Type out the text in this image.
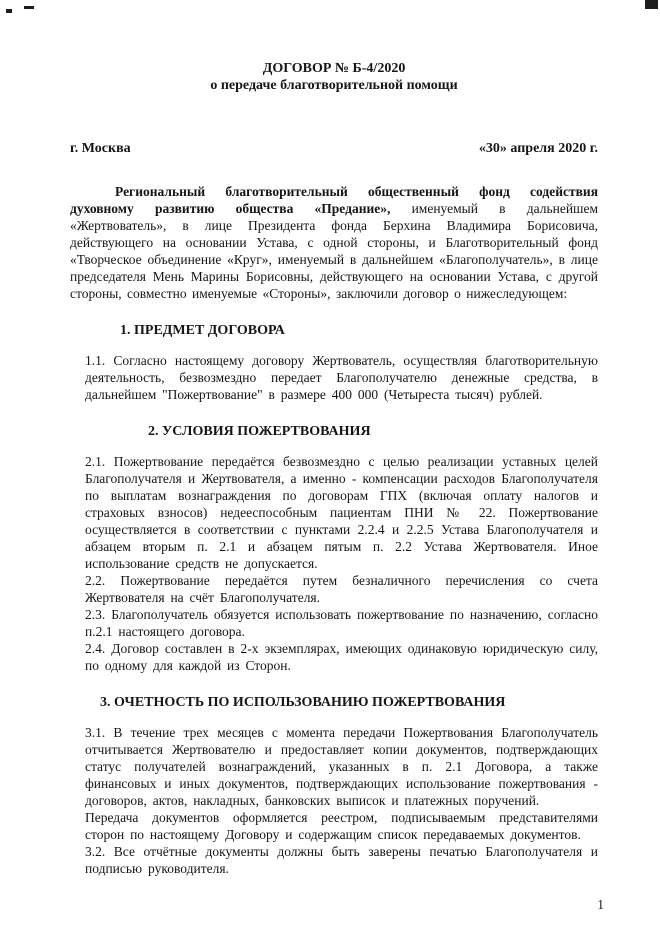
ДОГОВОР № Б-4/2020
о передаче благотворительной помощи
г. Москва	«30» апреля 2020 г.

Региональный благотворительный общественный фонд содействия духовному развитию общества «Предание», именуемый в дальнейшем «Жертвователь», в лице Президента фонда Берхина Владимира Борисовича, действующего на основании Устава, с одной стороны, и Благотворительный фонд «Творческое объединение «Круг», именуемый в дальнейшем «Благополучатель», в лице председателя Мень Марины Борисовны, действующего на основании Устава, с другой стороны, совместно именуемые «Стороны», заключили договор о нижеследующем:

1. ПРЕДМЕТ ДОГОВОРА

1.1. Согласно настоящему договору Жертвователь, осуществляя благотворительную деятельность, безвозмездно передает Благополучателю денежные средства, в дальнейшем "Пожертвование" в размере 400 000 (Четыреста тысяч) рублей.

2. УСЛОВИЯ ПОЖЕРТВОВАНИЯ

2.1. Пожертвование передаётся безвозмездно с целью реализации уставных целей Благополучателя и Жертвователя, а именно - компенсации расходов Благополучателя по выплатам вознаграждения по договорам ГПХ (включая оплату налогов и страховых взносов) недееспособным пациентам ПНИ № 22. Пожертвование осуществляется в соответствии с пунктами 2.2.4 и 2.2.5 Устава Благополучателя и абзацем вторым п. 2.1 и абзацем пятым п. 2.2 Устава Жертвователя. Иное использование средств не допускается.

2.2. Пожертвование передаётся путем безналичного перечисления со счета Жертвователя на счёт Благополучателя.

2.3. Благополучатель обязуется использовать пожертвование по назначению, согласно п.2.1 настоящего договора.

2.4. Договор составлен в 2-х экземплярах, имеющих одинаковую юридическую силу, по одному для каждой из Сторон.

3. ОЧЕТНОСТЬ ПО ИСПОЛЬЗОВАНИЮ ПОЖЕРТВОВАНИЯ

3.1. В течение трех месяцев с момента передачи Пожертвования Благополучатель отчитывается Жертвователю и предоставляет копии документов, подтверждающих статус получателей вознаграждений, указанных в п. 2.1 Договора, а также финансовых и иных документов, подтверждающих использование пожертвования - договоров, актов, накладных, банковских выписок и платежных поручений.

Передача документов оформляется реестром, подписываемым представителями сторон по настоящему Договору и содержащим список передаваемых документов.

3.2. Все отчётные документы должны быть заверены печатью Благополучателя и подписью руководителя.

1
